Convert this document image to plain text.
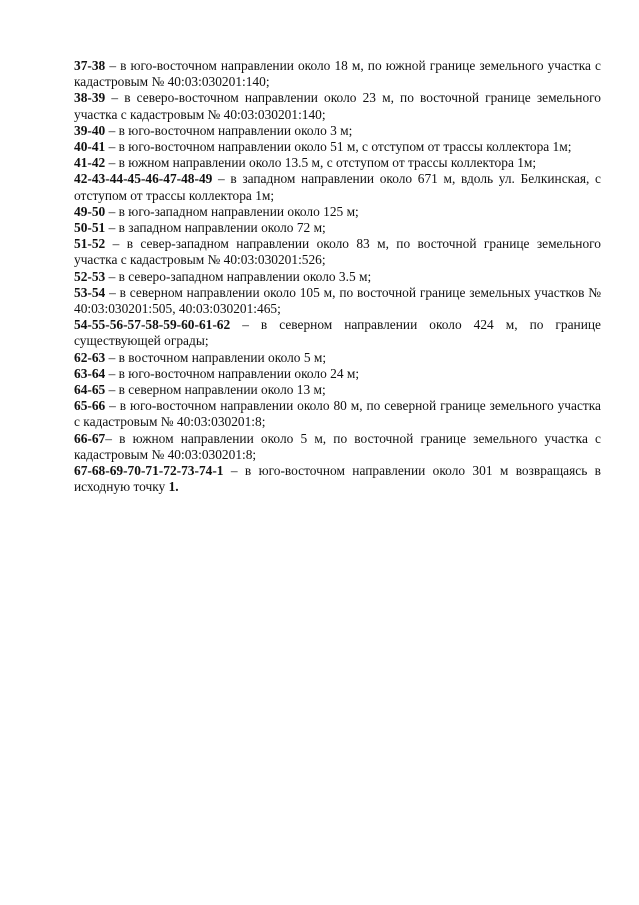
37-38 – в юго-восточном направлении около 18 м, по южной границе земельного участка с кадастровым № 40:03:030201:140;

38-39 – в северо-восточном направлении около 23 м, по восточной границе земельного участка с кадастровым № 40:03:030201:140;

39-40 – в юго-восточном направлении около 3 м;

40-41 – в юго-восточном направлении около 51 м, с отступом от трассы коллектора 1м;

41-42 – в южном направлении около 13.5 м, с отступом от трассы коллектора 1м;

42-43-44-45-46-47-48-49 – в западном направлении около 671 м, вдоль ул. Белкинская, с отступом от трассы коллектора 1м;

49-50 – в юго-западном направлении около 125 м;

50-51 – в западном направлении около 72 м;

51-52 – в север-западном направлении около 83 м, по восточной границе земельного участка с кадастровым № 40:03:030201:526;

52-53 – в северо-западном направлении около 3.5 м;

53-54 – в северном направлении около 105 м, по восточной границе земельных участков № 40:03:030201:505, 40:03:030201:465;

54-55-56-57-58-59-60-61-62 – в северном направлении около 424 м, по границе существующей ограды;

62-63 – в восточном направлении около 5 м;

63-64 – в юго-восточном направлении около 24 м;

64-65 – в северном направлении около 13 м;

65-66 – в юго-восточном направлении около 80 м, по северной границе земельного участка с кадастровым № 40:03:030201:8;

66-67– в южном направлении около 5 м, по восточной границе земельного участка с кадастровым № 40:03:030201:8;

67-68-69-70-71-72-73-74-1 – в юго-восточном направлении около 301 м возвращаясь в исходную точку 1.
